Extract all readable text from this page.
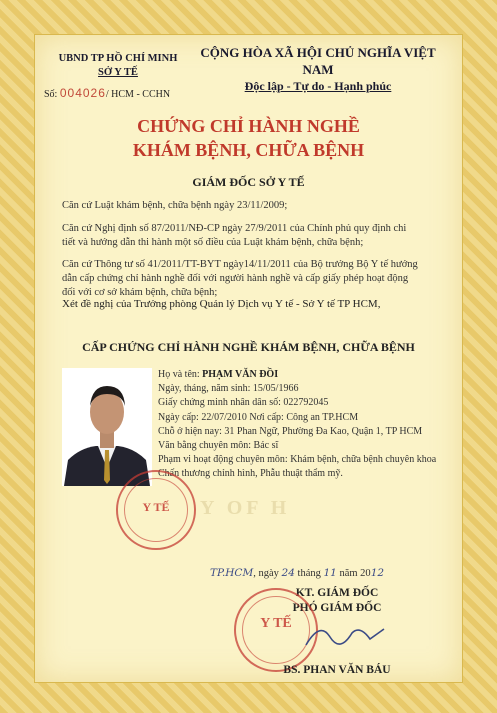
UBND TP HỒ CHÍ MINH
SỞ Y TẾ
CỘNG HÒA XÃ HỘI CHỦ NGHĨA VIỆT NAM
Độc lập - Tự do - Hạnh phúc
Số: 004026/ HCM - CCHN
CHỨNG CHỈ HÀNH NGHỀ
KHÁM BỆNH, CHỮA BỆNH
GIÁM ĐỐC SỞ Y TẾ
Căn cứ Luật khám bệnh, chữa bệnh ngày 23/11/2009;
Căn cứ Nghị định số 87/2011/NĐ-CP ngày 27/9/2011 của Chính phủ quy định chi tiết và hướng dẫn thi hành một số điều của Luật khám bệnh, chữa bệnh;
Căn cứ Thông tư số 41/2011/TT-BYT ngày14/11/2011 của Bộ trưởng Bộ Y tế hướng dẫn cấp chứng chỉ hành nghề đối với người hành nghề và cấp giấy phép hoạt động đối với cơ sở khám bệnh, chữa bệnh;
Xét đề nghị của Trưởng phòng Quản lý Dịch vụ Y tế - Sở Y tế TP HCM,
CẤP CHỨNG CHỈ HÀNH NGHỀ KHÁM BỆNH, CHỮA BỆNH
Họ và tên: PHẠM VĂN ĐỒI
Ngày, tháng, năm sinh: 15/05/1966
Giấy chứng minh nhân dân số: 022792045
Ngày cấp: 22/07/2010 Nơi cấp: Công an TP.HCM
Chỗ ở hiện nay: 31 Phan Ngữ, Phường Đa Kao, Quận 1, TP HCM
Văn bằng chuyên môn: Bác sĩ
Phạm vi hoạt động chuyên môn: Khám bệnh, chữa bệnh chuyên khoa Chấn thương chỉnh hình, Phẫu thuật thẩm mỹ.
Y OF H
Y TẾ
TP.HCM, ngày 24 tháng 11 năm 2012
KT. GIÁM ĐỐC
PHÓ GIÁM ĐỐC
Y TẾ
BS. PHAN VĂN BÁU
